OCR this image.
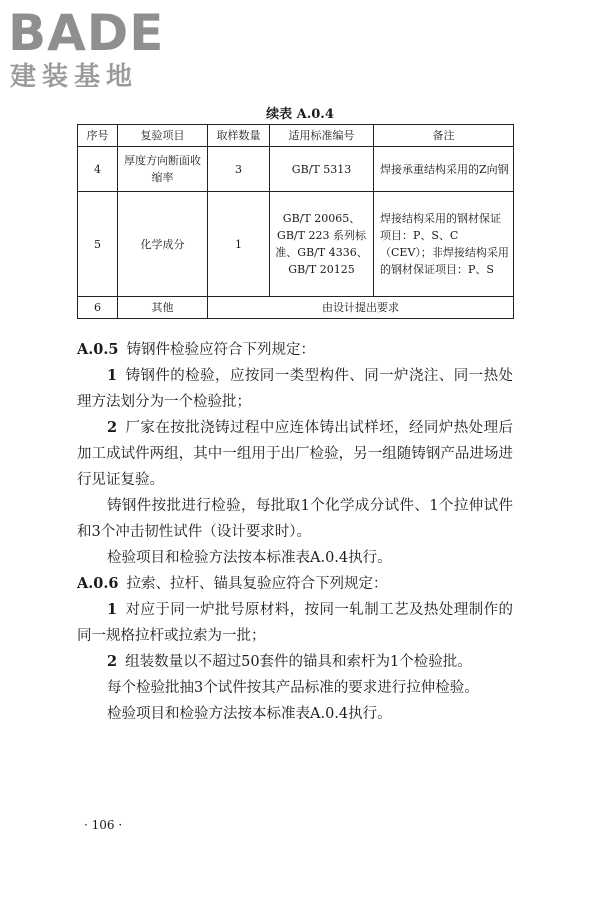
BADE
建装基地
续表 A.0.4
序号	复验项目	取样数量	适用标准编号	备注
4	厚度方向断面收缩率	3	GB/T 5313	焊接承重结构采用的Z向钢
5	化学成分	1	GB/T 20065、GB/T 223 系列标准、GB/T 4336、GB/T 20125	焊接结构采用的钢材保证项目：P、S、C（CEV）；非焊接结构采用的钢材保证项目：P、S
6	其他	由设计提出要求		

A.0.5 铸钢件检验应符合下列规定：

1 铸钢件的检验，应按同一类型构件、同一炉浇注、同一热处理方法划分为一个检验批；

2 厂家在按批浇铸过程中应连体铸出试样坯，经同炉热处理后加工成试件两组，其中一组用于出厂检验，另一组随铸钢产品进场进行见证复验。

铸钢件按批进行检验，每批取1个化学成分试件、1个拉伸试件和3个冲击韧性试件（设计要求时）。

检验项目和检验方法按本标准表A.0.4执行。

A.0.6 拉索、拉杆、锚具复验应符合下列规定：

1 对应于同一炉批号原材料，按同一轧制工艺及热处理制作的同一规格拉杆或拉索为一批；

2 组装数量以不超过50套件的锚具和索杆为1个检验批。

每个检验批抽3个试件按其产品标准的要求进行拉伸检验。

检验项目和检验方法按本标准表A.0.4执行。

· 106 ·
